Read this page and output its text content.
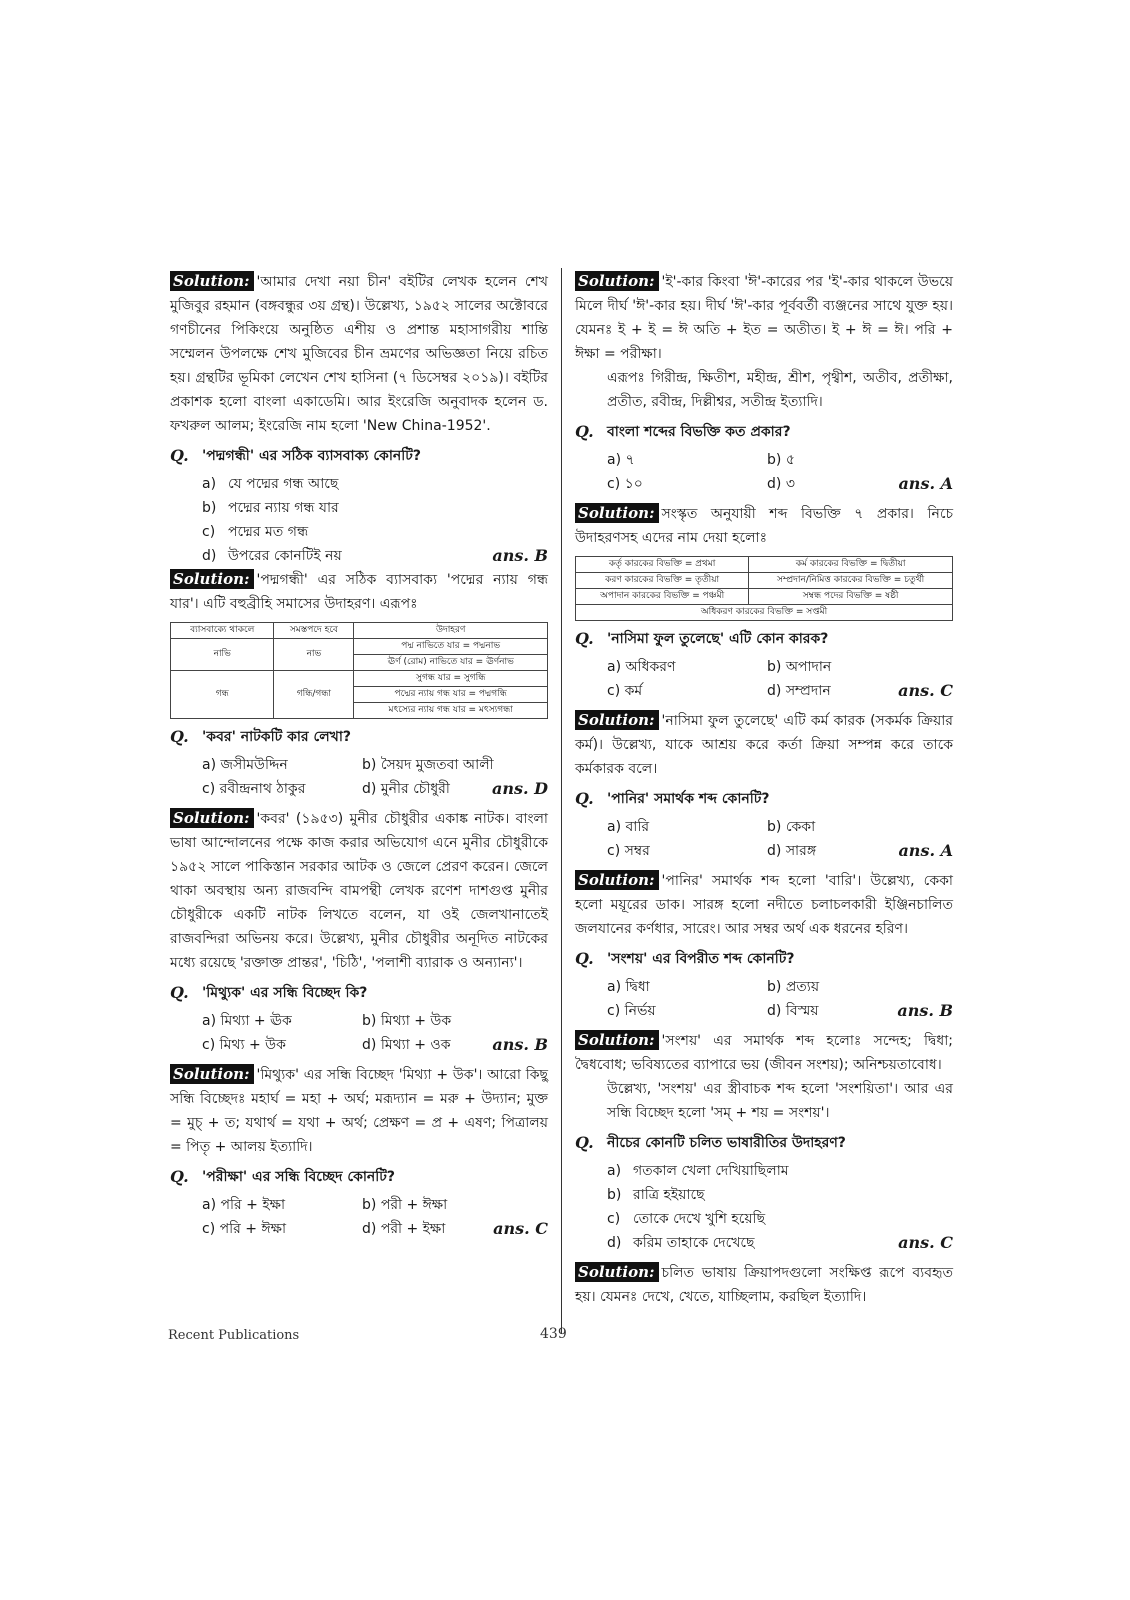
Solution: 'আমার দেখা নয়া চীন' বইটির লেখক হলেন শেখ মুজিবুর রহমান (বঙ্গবন্ধুর ৩য় গ্রন্থ)। উল্লেখ্য, ১৯৫২ সালের অক্টোবরে গণচীনের পিকিংয়ে অনুষ্ঠিত এশীয় ও প্রশান্ত মহাসাগরীয় শান্তি সম্মেলন উপলক্ষে শেখ মুজিবের চীন ভ্রমণের অভিজ্ঞতা নিয়ে রচিত হয়। গ্রন্থটির ভূমিকা লেখেন শেখ হাসিনা (৭ ডিসেম্বর ২০১৯)। বইটির প্রকাশক হলো বাংলা একাডেমি। আর ইংরেজি অনুবাদক হলেন ড. ফখরুল আলম; ইংরেজি নাম হলো 'New China-1952'.
Q. 'পদ্মগন্ধী' এর সঠিক ব্যাসবাক্য কোনটি?
a) যে পদ্মের গন্ধ আছে
b) পদ্মের ন্যায় গন্ধ যার
c) পদ্মের মত গন্ধ
d) উপরের কোনটিই নয়	ans. B
Solution: 'পদ্মগন্ধী' এর সঠিক ব্যাসবাক্য 'পদ্মের ন্যায় গন্ধ যার'। এটি বহুব্রীহি সমাসের উদাহরণ। এরূপঃ
ব্যাসবাক্যে থাকলে	সমস্তপদে হবে	উদাহরণ
নাভি	নাভ	পদ্ম নাভিতে যার = পদ্মনাভ
		ঊর্ণ (রোম) নাভিতে যার = ঊর্ণনাভ
গন্ধ	গন্ধি/গন্ধা	সুগন্ধ যার = সুগন্ধি
		পদ্মের ন্যায় গন্ধ যার = পদ্মগন্ধি
		মৎস্যের ন্যায় গন্ধ যার = মৎস্যগন্ধা
Q. 'কবর' নাটকটি কার লেখা?
a) জসীমউদ্দিন	b) সৈয়দ মুজতবা আলী
c) রবীন্দ্রনাথ ঠাকুর	d) মুনীর চৌধুরী	ans. D
Solution: 'কবর' (১৯৫৩) মুনীর চৌধুরীর একাঙ্ক নাটক। বাংলা ভাষা আন্দোলনের পক্ষে কাজ করার অভিযোগ এনে মুনীর চৌধুরীকে ১৯৫২ সালে পাকিস্তান সরকার আটক ও জেলে প্রেরণ করেন। জেলে থাকা অবস্থায় অন্য রাজবন্দি বামপন্থী লেখক রণেশ দাশগুপ্ত মুনীর চৌধুরীকে একটি নাটক লিখতে বলেন, যা ওই জেলখানাতেই রাজবন্দিরা অভিনয় করে। উল্লেখ্য, মুনীর চৌধুরীর অনূদিত নাটকের মধ্যে রয়েছে 'রক্তাক্ত প্রান্তর', 'চিঠি', 'পলাশী ব্যারাক ও অন্যান্য'।
Q. 'মিথ্যুক' এর সন্ধি বিচ্ছেদ কি?
a) মিথ্যা + ঊক	b) মিথ্যা + উক
c) মিথ্য + উক	d) মিথ্যা + ওক	ans. B
Solution: 'মিথ্যুক' এর সন্ধি বিচ্ছেদ 'মিথ্যা + উক'। আরো কিছু সন্ধি বিচ্ছেদঃ মহার্ঘ = মহা + অর্ঘ; মরূদ্যান = মরু + উদ্যান; মুক্ত = মুচ্ + ত; যথার্থ = যথা + অর্থ; প্রেক্ষণ = প্র + এষণ; পিত্রালয় = পিতৃ + আলয় ইত্যাদি।
Q. 'পরীক্ষা' এর সন্ধি বিচ্ছেদ কোনটি?
a) পরি + ইক্ষা	b) পরী + ঈক্ষা
c) পরি + ঈক্ষা	d) পরী + ইক্ষা	ans. C
Solution: 'ই'-কার কিংবা 'ঈ'-কারের পর 'ই'-কার থাকলে উভয়ে মিলে দীর্ঘ 'ঈ'-কার হয়। দীর্ঘ 'ঈ'-কার পূর্ববর্তী ব্যঞ্জনের সাথে যুক্ত হয়। যেমনঃ ই + ই = ঈ অতি + ইত = অতীত। ই + ঈ = ঈ। পরি + ঈক্ষা = পরীক্ষা।
এরূপঃ গিরীন্দ্র, ক্ষিতীশ, মহীন্দ্র, শ্রীশ, পৃথ্বীশ, অতীব, প্রতীক্ষা, প্রতীত, রবীন্দ্র, দিল্লীশ্বর, সতীন্দ্র ইত্যাদি।
Q. বাংলা শব্দের বিভক্তি কত প্রকার?
a) ৭	b) ৫
c) ১০	d) ৩	ans. A
Solution: সংস্কৃত অনুযায়ী শব্দ বিভক্তি ৭ প্রকার। নিচে উদাহরণসহ এদের নাম দেয়া হলোঃ
কর্তৃ কারকের বিভক্তি = প্রথমা	কর্ম কারকের বিভক্তি = দ্বিতীয়া
করণ কারকের বিভক্তি = তৃতীয়া	সম্প্রদান/নিমিত্ত কারকের বিভক্তি = চতুর্থী
অপাদান কারকের বিভক্তি = পঞ্চমী	সম্বন্ধ পদের বিভক্তি = ষষ্ঠী
অধিকরণ কারকের বিভক্তি = সপ্তমী	
Q. 'নাসিমা ফুল তুলেছে' এটি কোন কারক?
a) অধিকরণ	b) অপাদান
c) কর্ম	d) সম্প্রদান	ans. C
Solution: 'নাসিমা ফুল তুলেছে' এটি কর্ম কারক (সকর্মক ক্রিয়ার কর্ম)। উল্লেখ্য, যাকে আশ্রয় করে কর্তা ক্রিয়া সম্পন্ন করে তাকে কর্মকারক বলে।
Q. 'পানির' সমার্থক শব্দ কোনটি?
a) বারি	b) কেকা
c) সম্বর	d) সারঙ্গ	ans. A
Solution: 'পানির' সমার্থক শব্দ হলো 'বারি'। উল্লেখ্য, কেকা হলো ময়ূরের ডাক। সারঙ্গ হলো নদীতে চলাচলকারী ইঞ্জিনচালিত জলযানের কর্ণধার, সারেং। আর সম্বর অর্থ এক ধরনের হরিণ।
Q. 'সংশয়' এর বিপরীত শব্দ কোনটি?
a) দ্বিধা	b) প্রত্যয়
c) নির্ভয়	d) বিস্ময়	ans. B
Solution: 'সংশয়' এর সমার্থক শব্দ হলোঃ সন্দেহ; দ্বিধা; দ্বৈধবোধ; ভবিষ্যতের ব্যাপারে ভয় (জীবন সংশয়); অনিশ্চয়তাবোধ।
উল্লেখ্য, 'সংশয়' এর স্ত্রীবাচক শব্দ হলো 'সংশয়িতা'। আর এর সন্ধি বিচ্ছেদ হলো 'সম্ + শয় = সংশয়'।
Q. নীচের কোনটি চলিত ভাষারীতির উদাহরণ?
a) গতকাল খেলা দেখিয়াছিলাম
b) রাত্রি হইয়াছে
c) তোকে দেখে খুশি হয়েছি
d) করিম তাহাকে দেখেছে	ans. C
Solution: চলিত ভাষায় ক্রিয়াপদগুলো সংক্ষিপ্ত রূপে ব্যবহৃত হয়। যেমনঃ দেখে, খেতে, যাচ্ছিলাম, করছিল ইত্যাদি।
Recent Publications	439
